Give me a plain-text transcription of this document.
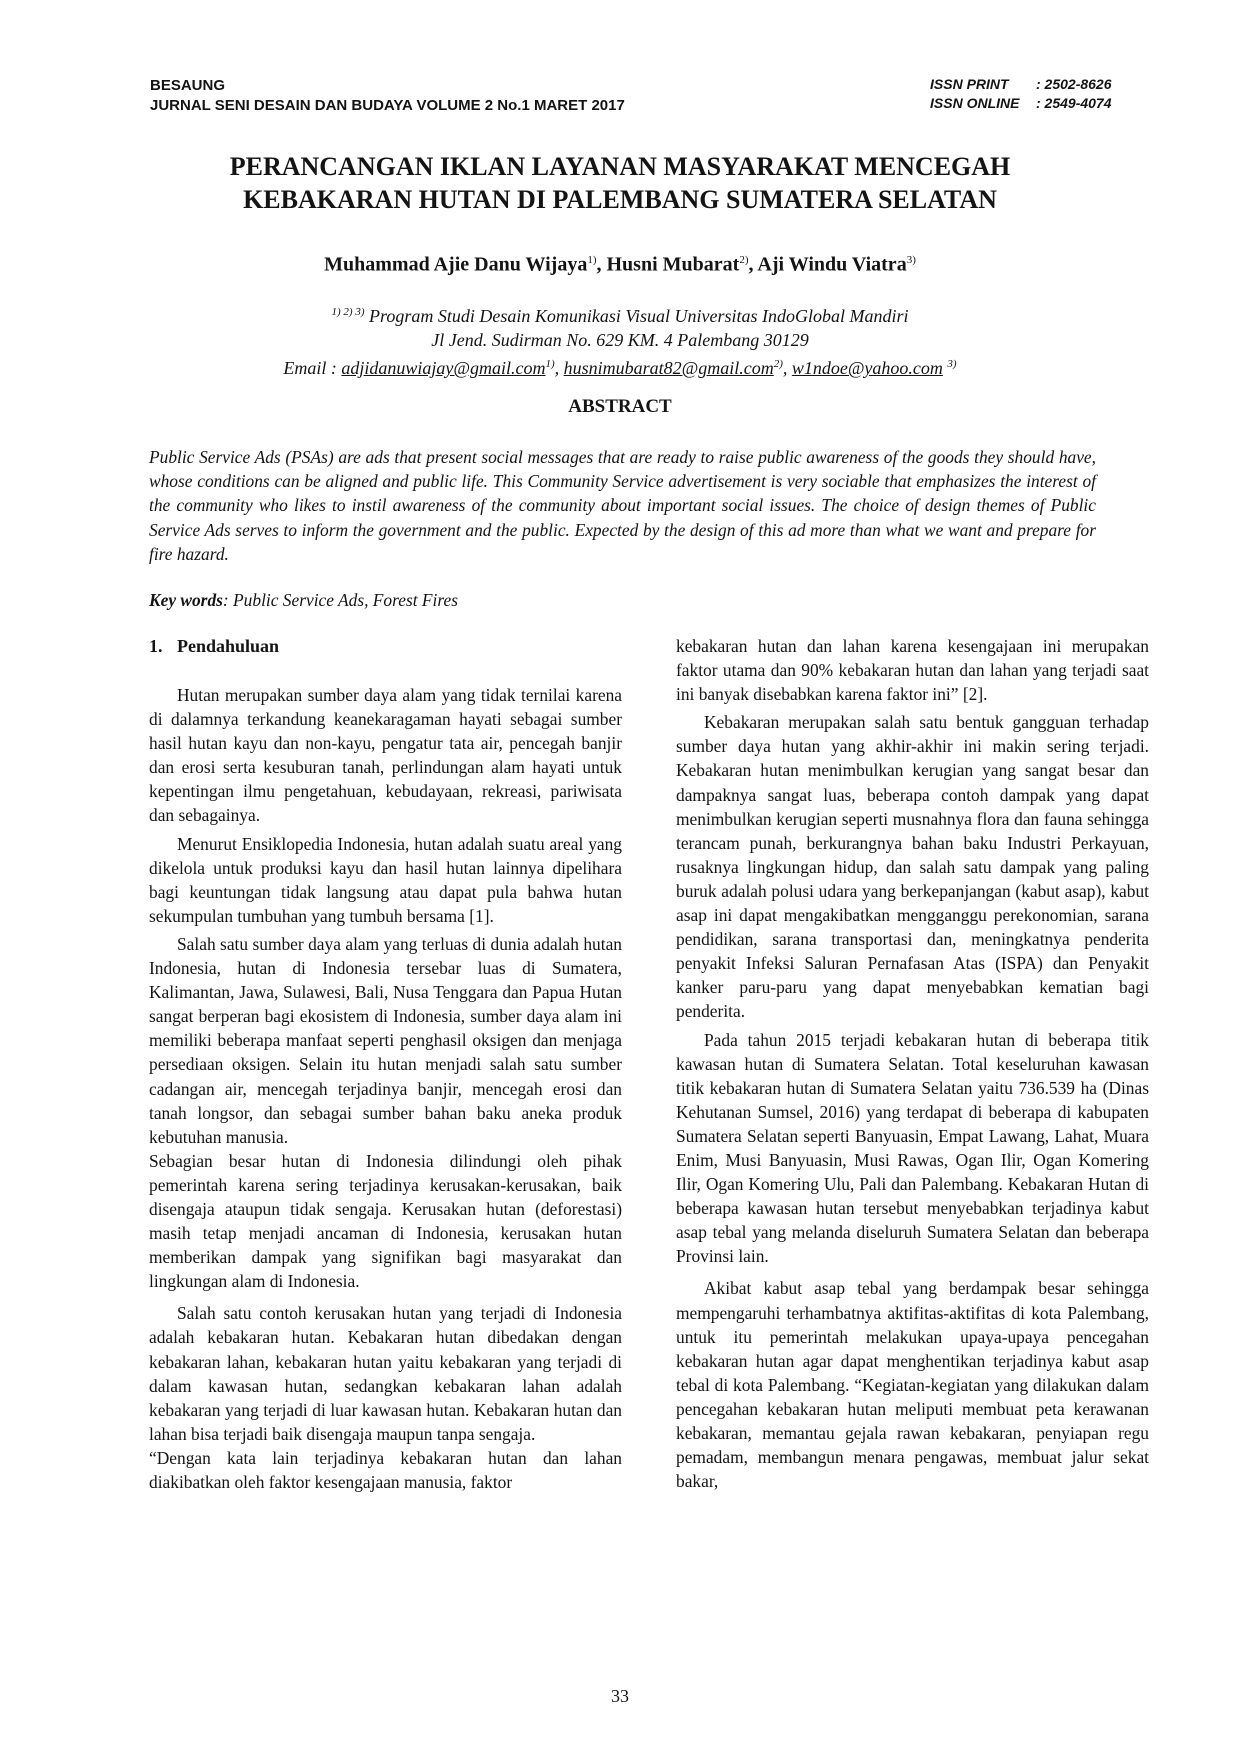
BESAUNG
JURNAL SENI DESAIN DAN BUDAYA VOLUME 2 No.1 MARET 2017
ISSN PRINT	: 2502-8626
ISSN ONLINE	: 2549-4074
PERANCANGAN IKLAN LAYANAN MASYARAKAT MENCEGAH
KEBAKARAN HUTAN DI PALEMBANG SUMATERA SELATAN
Muhammad Ajie Danu Wijaya$^{1)}$, Husni Mubarat$^{2)}$, Aji Windu Viatra$^{3)}$
$^{1) 2) 3)}$ Program Studi Desain Komunikasi Visual Universitas IndoGlobal Mandiri
Jl Jend. Sudirman No. 629 KM. 4 Palembang 30129
Email : adjidanuwiajay@gmail.com$^{1)}$, husnimubarat82@gmail.com$^{2)}$, w1ndoe@yahoo.com $^{3)}$
ABSTRACT

Public Service Ads (PSAs) are ads that present social messages that are ready to raise public awareness of the goods they should have, whose conditions can be aligned and public life. This Community Service advertisement is very sociable that emphasizes the interest of the community who likes to instil awareness of the community about important social issues. The choice of design themes of Public Service Ads serves to inform the government and the public. Expected by the design of this ad more than what we want and prepare for fire hazard.

Key words: Public Service Ads, Forest Fires
1. Pendahuluan

Hutan merupakan sumber daya alam yang tidak ternilai karena di dalamnya terkandung keanekaragaman hayati sebagai sumber hasil hutan kayu dan non-kayu, pengatur tata air, pencegah banjir dan erosi serta kesuburan tanah, perlindungan alam hayati untuk kepentingan ilmu pengetahuan, kebudayaan, rekreasi, pariwisata dan sebagainya.

Menurut Ensiklopedia Indonesia, hutan adalah suatu areal yang dikelola untuk produksi kayu dan hasil hutan lainnya dipelihara bagi keuntungan tidak langsung atau dapat pula bahwa hutan sekumpulan tumbuhan yang tumbuh bersama [1].

Salah satu sumber daya alam yang terluas di dunia adalah hutan Indonesia, hutan di Indonesia tersebar luas di Sumatera, Kalimantan, Jawa, Sulawesi, Bali, Nusa Tenggara dan Papua Hutan sangat berperan bagi ekosistem di Indonesia, sumber daya alam ini memiliki beberapa manfaat seperti penghasil oksigen dan menjaga persediaan oksigen. Selain itu hutan menjadi salah satu sumber cadangan air, mencegah terjadinya banjir, mencegah erosi dan tanah longsor, dan sebagai sumber bahan baku aneka produk kebutuhan manusia.

Sebagian besar hutan di Indonesia dilindungi oleh pihak pemerintah karena sering terjadinya kerusakan-kerusakan, baik disengaja ataupun tidak sengaja. Kerusakan hutan (deforestasi) masih tetap menjadi ancaman di Indonesia, kerusakan hutan memberikan dampak yang signifikan bagi masyarakat dan lingkungan alam di Indonesia.

Salah satu contoh kerusakan hutan yang terjadi di Indonesia adalah kebakaran hutan. Kebakaran hutan dibedakan dengan kebakaran lahan, kebakaran hutan yaitu kebakaran yang terjadi di dalam kawasan hutan, sedangkan kebakaran lahan adalah kebakaran yang terjadi di luar kawasan hutan. Kebakaran hutan dan lahan bisa terjadi baik disengaja maupun tanpa sengaja.

“Dengan kata lain terjadinya kebakaran hutan dan lahan diakibatkan oleh faktor kesengajaan manusia, faktor

kebakaran hutan dan lahan karena kesengajaan ini merupakan faktor utama dan 90% kebakaran hutan dan lahan yang terjadi saat ini banyak disebabkan karena faktor ini” [2].

Kebakaran merupakan salah satu bentuk gangguan terhadap sumber daya hutan yang akhir-akhir ini makin sering terjadi. Kebakaran hutan menimbulkan kerugian yang sangat besar dan dampaknya sangat luas, beberapa contoh dampak yang dapat menimbulkan kerugian seperti musnahnya flora dan fauna sehingga terancam punah, berkurangnya bahan baku Industri Perkayuan, rusaknya lingkungan hidup, dan salah satu dampak yang paling buruk adalah polusi udara yang berkepanjangan (kabut asap), kabut asap ini dapat mengakibatkan mengganggu perekonomian, sarana pendidikan, sarana transportasi dan, meningkatnya penderita penyakit Infeksi Saluran Pernafasan Atas (ISPA) dan Penyakit kanker paru-paru yang dapat menyebabkan kematian bagi penderita.

Pada tahun 2015 terjadi kebakaran hutan di beberapa titik kawasan hutan di Sumatera Selatan. Total keseluruhan kawasan titik kebakaran hutan di Sumatera Selatan yaitu 736.539 ha (Dinas Kehutanan Sumsel, 2016) yang terdapat di beberapa di kabupaten Sumatera Selatan seperti Banyuasin, Empat Lawang, Lahat, Muara Enim, Musi Banyuasin, Musi Rawas, Ogan Ilir, Ogan Komering Ilir, Ogan Komering Ulu, Pali dan Palembang. Kebakaran Hutan di beberapa kawasan hutan tersebut menyebabkan terjadinya kabut asap tebal yang melanda diseluruh Sumatera Selatan dan beberapa Provinsi lain.

Akibat kabut asap tebal yang berdampak besar sehingga mempengaruhi terhambatnya aktifitas-aktifitas di kota Palembang, untuk itu pemerintah melakukan upaya-upaya pencegahan kebakaran hutan agar dapat menghentikan terjadinya kabut asap tebal di kota Palembang. “Kegiatan-kegiatan yang dilakukan dalam pencegahan kebakaran hutan meliputi membuat peta kerawanan kebakaran, memantau gejala rawan kebakaran, penyiapan regu pemadam, membangun menara pengawas, membuat jalur sekat bakar,

33
